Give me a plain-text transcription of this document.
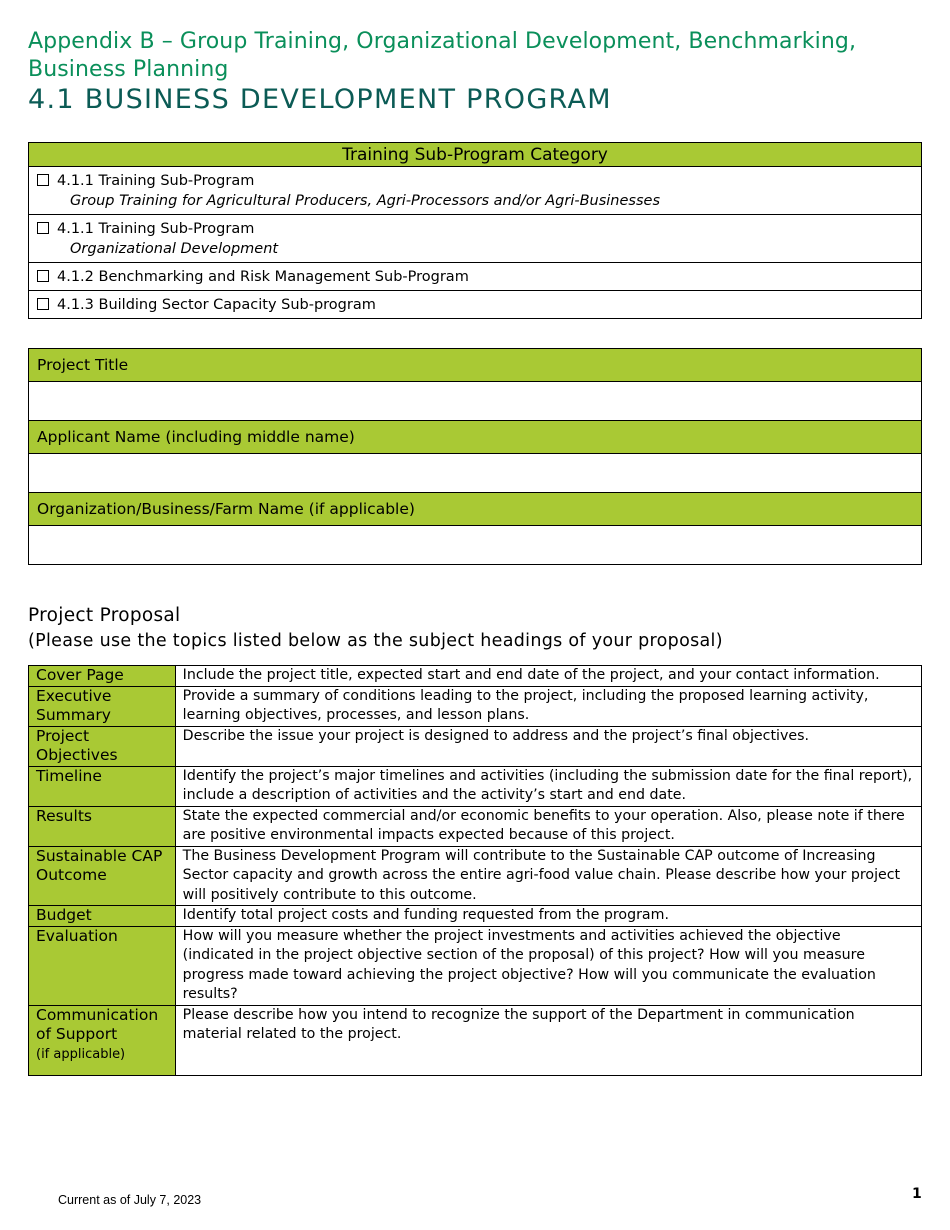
Appendix B – Group Training, Organizational Development, Benchmarking, Business Planning
4.1 BUSINESS DEVELOPMENT PROGRAM
Training Sub-Program Category

4.1.1 Training Sub-Program
Group Training for Agricultural Producers, Agri-Processors and/or Agri-Businesses

4.1.1 Training Sub-Program
Organizational Development

4.1.2 Benchmarking and Risk Management Sub-Program
4.1.3 Building Sector Capacity Sub-program
Project Title

Applicant Name (including middle name)

Organization/Business/Farm Name (if applicable)

Project Proposal
(Please use the topics listed below as the subject headings of your proposal)
Cover Page	Include the project title, expected start and end date of the project, and your contact information.
Executive Summary	Provide a summary of conditions leading to the project, including the proposed learning activity, learning objectives, processes, and lesson plans.
Project Objectives	Describe the issue your project is designed to address and the project’s final objectives.
Timeline	Identify the project’s major timelines and activities (including the submission date for the final report), include a description of activities and the activity’s start and end date.
Results	State the expected commercial and/or economic benefits to your operation. Also, please note if there are positive environmental impacts expected because of this project.
Sustainable CAP Outcome	The Business Development Program will contribute to the Sustainable CAP outcome of Increasing Sector capacity and growth across the entire agri-food value chain. Please describe how your project will positively contribute to this outcome.
Budget	Identify total project costs and funding requested from the program.
Evaluation	How will you measure whether the project investments and activities achieved the objective (indicated in the project objective section of the proposal) of this project? How will you measure progress made toward achieving the project objective? How will you communicate the evaluation results?
Communication of Support
(if applicable)	Please describe how you intend to recognize the support of the Department in communication material related to the project.
Current as of July 7, 2023	1
